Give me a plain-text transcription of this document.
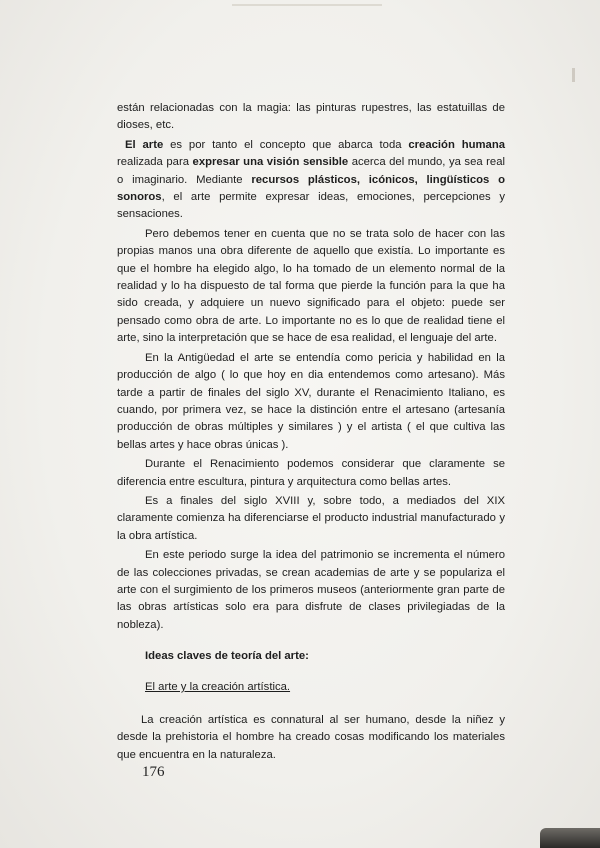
están relacionadas con la magia: las pinturas rupestres, las estatuillas de dioses, etc.

El arte es por tanto el concepto que abarca toda creación humana realizada para expresar una visión sensible acerca del mundo, ya sea real o imaginario. Mediante recursos plásticos, icónicos, lingüísticos o sonoros, el arte permite expresar ideas, emociones, percepciones y sensaciones.

Pero debemos tener en cuenta que no se trata solo de hacer con las propias manos una obra diferente de aquello que existía. Lo importante es que el hombre ha elegido algo, lo ha tomado de un elemento normal de la realidad y lo ha dispuesto de tal forma que pierde la función para la que ha sido creada, y adquiere un nuevo significado para el objeto: puede ser pensado como obra de arte. Lo importante no es lo que de realidad tiene el arte, sino la interpretación que se hace de esa realidad, el lenguaje del arte.

En la Antigüedad el arte se entendía como pericia y habilidad en la producción de algo ( lo que hoy en dia entendemos como artesano). Más tarde a partir de finales del siglo XV, durante el Renacimiento Italiano, es cuando, por primera vez, se hace la distinción entre el artesano (artesanía producción de obras múltiples y similares ) y el artista ( el que cultiva las bellas artes y hace obras únicas ).

Durante el Renacimiento podemos considerar que claramente se diferencia entre escultura, pintura y arquitectura como bellas artes.

Es a finales del siglo XVIII y, sobre todo, a mediados del XIX claramente comienza ha diferenciarse el producto industrial manufacturado y la obra artística.

En este periodo surge la idea del patrimonio se incrementa el número de las colecciones privadas, se crean academias de arte y se populariza el arte con el surgimiento de los primeros museos (anteriormente gran parte de las obras artísticas solo era para disfrute de clases privilegiadas de la nobleza).

Ideas claves de teoría del arte:
El arte y la creación artística.

La creación artística es connatural al ser humano, desde la niñez y desde la prehistoria el hombre ha creado cosas modificando los materiales que encuentra en la naturaleza.

176
